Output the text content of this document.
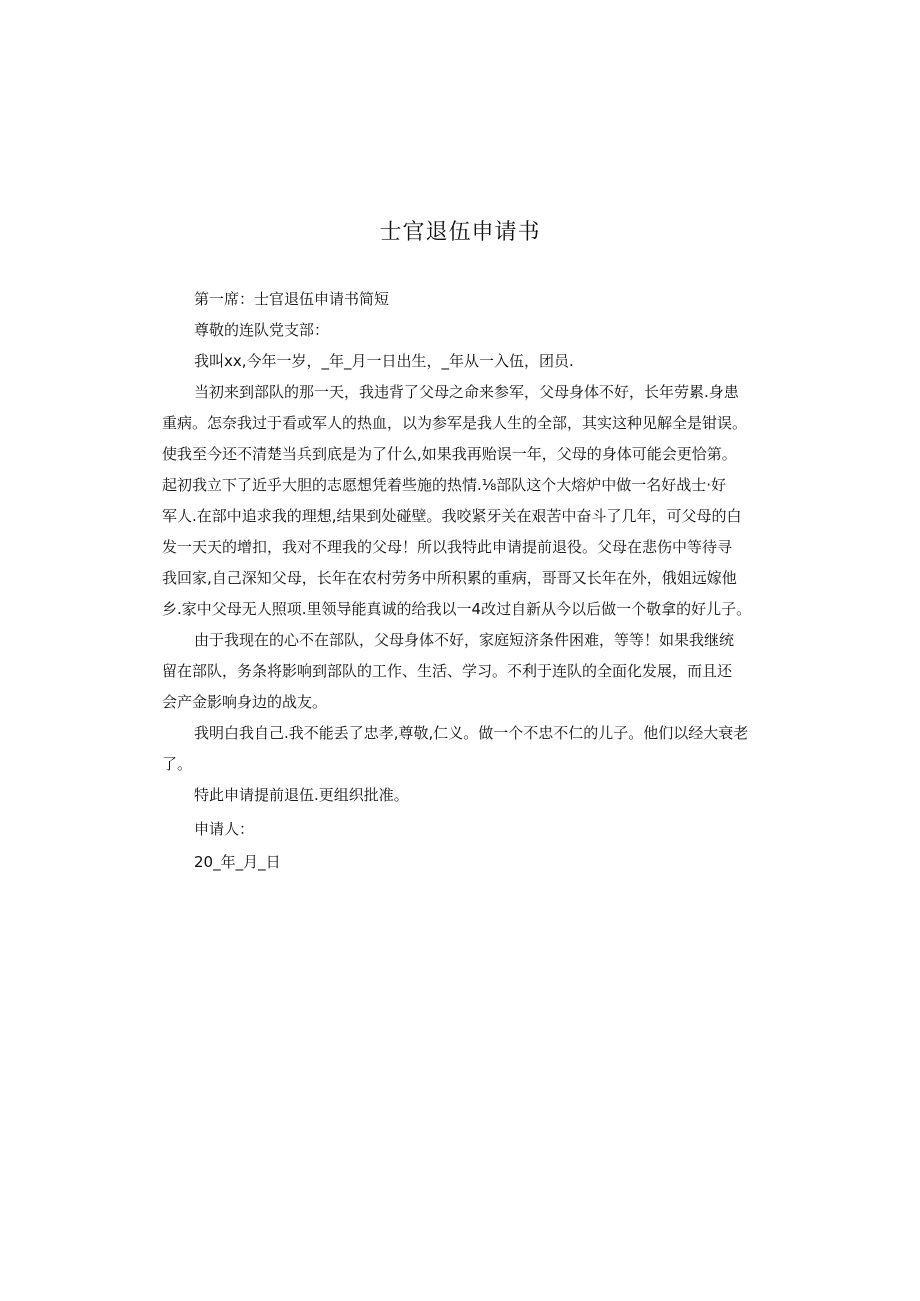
士官退伍申请书
第一席：士官退伍申请书简短
尊敬的连队党支部：
我叫xx,今年一岁，_年_月一日出生，_年从一入伍，团员.
当初来到部队的那一天，我违背了父母之命来参军，父母身体不好，长年劳累.身患
重病。怎奈我过于看或军人的热血，以为参军是我人生的全部，其实这种见解全是钳误。
使我至今还不清楚当兵到底是为了什么,如果我再贻误一年，父母的身体可能会更恰第。
起初我立下了近乎大胆的志愿想凭着些施的热情.⅛部队这个大熔炉中做一名好战士·好
军人.在部中追求我的理想,结果到处碰壁。我咬紧牙关在艰苦中奋斗了几年，可父母的白
发一天天的增扣，我对不理我的父母！所以我特此申请提前退役。父母在悲伤中等待寻
我回家,自己深知父母，长年在农村劳务中所积累的重病，哥哥又长年在外，俄姐远嫁他
乡.家中父母无人照项.里领导能真诚的给我以一4改过自新从今以后做一个敬拿的好儿子。
由于我现在的心不在部队，父母身体不好，家庭短济条件困难，等等！如果我继统
留在部队，务条将影响到部队的工作、生活、学习。不利于连队的全面化发展，而且还
会产金影响身边的战友。
我明白我自己.我不能丢了忠孝,尊敬,仁义。做一个不忠不仁的儿子。他们以经大衰老
了。
特此申请提前退伍.更组织批准。
申请人：
20_年_月_日
